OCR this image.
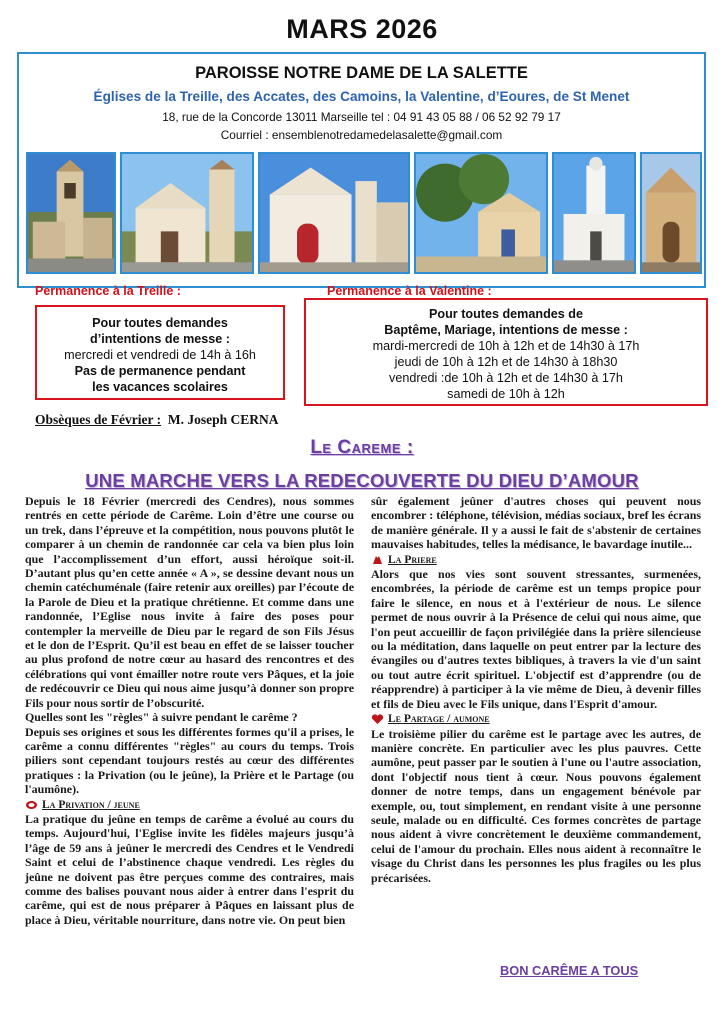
MARS 2026
PAROISSE NOTRE DAME DE LA SALETTE
Églises de la Treille, des Accates, des Camoins, la Valentine, d’Eoures, de St Menet
18, rue de la Concorde 13011 Marseille tel : 04 91 43 05 88 / 06 52 92 79 17
Courriel : ensemblenotredamedelasalette@gmail.com
Permanence à la Treille :	Permanence à la Valentine :
Pour toutes demandes
d’intentions de messe :
mercredi et vendredi de 14h à 16h
Pas de permanence pendant
les vacances scolaires
Pour toutes demandes de
Baptême, Mariage, intentions de messe :
mardi-mercredi de 10h à 12h et de 14h30 à 17h
jeudi de 10h à 12h et de 14h30 à 18h30
vendredi :de 10h à 12h et de 14h30 à 17h
samedi de 10h à 12h
Obsèques de Février : M. Joseph CERNA
Le Careme :
UNE MARCHE VERS LA REDECOUVERTE DU DIEU D’AMOUR

Depuis le 18 Février (mercredi des Cendres), nous sommes rentrés en cette période de Carême. Loin d’être une course ou un trek, dans l’épreuve et la compétition, nous pouvons plutôt le comparer à un chemin de randonnée car cela va bien plus loin que l’accomplissement d’un effort, aussi héroïque soit-il. D’autant plus qu’en cette année « A », se dessine devant nous un chemin catéchuménale (faire retenir aux oreilles) par l’écoute de la Parole de Dieu et la pratique chrétienne. Et comme dans une randonnée, l’Eglise nous invite à faire des poses pour contempler la merveille de Dieu par le regard de son Fils Jésus et le don de l’Esprit. Qu’il est beau en effet de se laisser toucher au plus profond de notre cœur au hasard des rencontres et des célébrations qui vont émailler notre route vers Pâques, et la joie de redécouvrir ce Dieu qui nous aime jusqu’à donner son propre Fils pour nous sortir de l’obscurité.

Quelles sont les "règles" à suivre pendant le carême ?

Depuis ses origines et sous les différentes formes qu'il a prises, le carême a connu différentes "règles" au cours du temps. Trois piliers sont cependant toujours restés au cœur des différentes pratiques : la Privation (ou le jeûne), la Prière et le Partage (ou l'aumône).

La Privation / jeune

La pratique du jeûne en temps de carême a évolué au cours du temps. Aujourd'hui, l'Eglise invite les fidèles majeurs jusqu’à l’âge de 59 ans à jeûner le mercredi des Cendres et le Vendredi Saint et celui de l’abstinence chaque vendredi. Les règles du jeûne ne doivent pas être perçues comme des contraires, mais comme des balises pouvant nous aider à entrer dans l'esprit du carême, qui est de nous préparer à Pâques en laissant plus de place à Dieu, véritable nourriture, dans notre vie. On peut bien

sûr également jeûner d'autres choses qui peuvent nous encombrer : téléphone, télévision, médias sociaux, bref les écrans de manière générale. Il y a aussi le fait de s'abstenir de certaines mauvaises habitudes, telles la médisance, le bavardage inutile...

La Priere

Alors que nos vies sont souvent stressantes, surmenées, encombrées, la période de carême est un temps propice pour faire le silence, en nous et à l'extérieur de nous. Le silence permet de nous ouvrir à la Présence de celui qui nous aime, que l'on peut accueillir de façon privilégiée dans la prière silencieuse ou la méditation, dans laquelle on peut entrer par la lecture des évangiles ou d'autres textes bibliques, à travers la vie d'un saint ou tout autre écrit spirituel. L'objectif est d’apprendre (ou de réapprendre) à participer à la vie même de Dieu, à devenir filles et fils de Dieu avec le Fils unique, dans l'Esprit d'amour.

Le Partage / aumone

Le troisième pilier du carême est le partage avec les autres, de manière concrète. En particulier avec les plus pauvres. Cette aumône, peut passer par le soutien à l'une ou l'autre association, dont l'objectif nous tient à cœur. Nous pouvons également donner de notre temps, dans un engagement bénévole par exemple, ou, tout simplement, en rendant visite à une personne seule, malade ou en difficulté. Ces formes concrètes de partage nous aident à vivre concrètement le deuxième commandement, celui de l'amour du prochain. Elles nous aident à reconnaître le visage du Christ dans les personnes les plus fragiles ou les plus précarisées.

BON CARÊME A TOUS
